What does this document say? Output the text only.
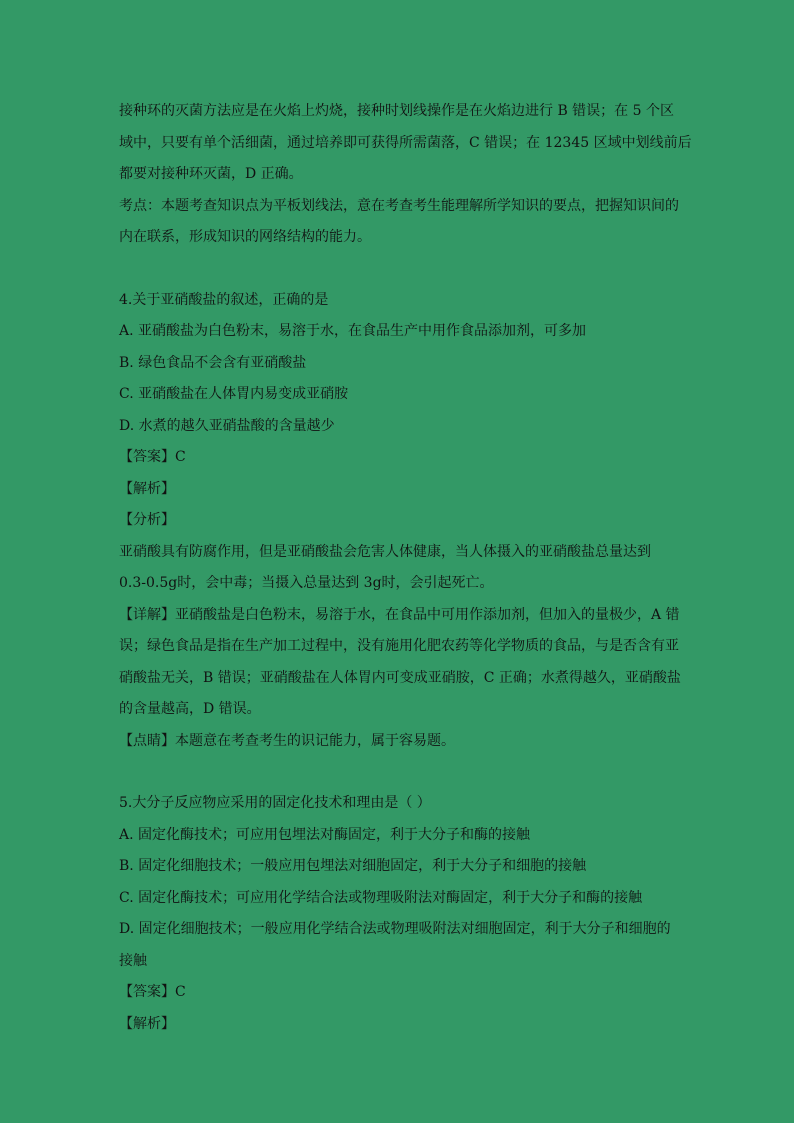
接种环的灭菌方法应是在火焰上灼烧，接种时划线操作是在火焰边进行 B 错误；在 5 个区
域中，只要有单个活细菌，通过培养即可获得所需菌落，C 错误；在 12345 区域中划线前后
都要对接种环灭菌，D 正确。
考点：本题考查知识点为平板划线法，意在考查考生能理解所学知识的要点，把握知识间的
内在联系，形成知识的网络结构的能力。
4.关于亚硝酸盐的叙述，正确的是
A. 亚硝酸盐为白色粉末，易溶于水，在食品生产中用作食品添加剂，可多加
B. 绿色食品不会含有亚硝酸盐
C. 亚硝酸盐在人体胃内易变成亚硝胺
D. 水煮的越久亚硝盐酸的含量越少
【答案】C
【解析】
【分析】
亚硝酸具有防腐作用，但是亚硝酸盐会危害人体健康，当人体摄入的亚硝酸盐总量达到
0.3-0.5g时，会中毒；当摄入总量达到 3g时，会引起死亡。
【详解】亚硝酸盐是白色粉末，易溶于水，在食品中可用作添加剂，但加入的量极少，A 错
误；绿色食品是指在生产加工过程中，没有施用化肥农药等化学物质的食品，与是否含有亚
硝酸盐无关，B 错误；亚硝酸盐在人体胃内可变成亚硝胺，C 正确；水煮得越久，亚硝酸盐
的含量越高，D 错误。
【点睛】本题意在考查考生的识记能力，属于容易题。
5.大分子反应物应采用的固定化技术和理由是（ ）
A. 固定化酶技术；可应用包埋法对酶固定，利于大分子和酶的接触
B. 固定化细胞技术；一般应用包埋法对细胞固定，利于大分子和细胞的接触
C. 固定化酶技术；可应用化学结合法或物理吸附法对酶固定，利于大分子和酶的接触
D. 固定化细胞技术；一般应用化学结合法或物理吸附法对细胞固定，利于大分子和细胞的
接触
【答案】C
【解析】
